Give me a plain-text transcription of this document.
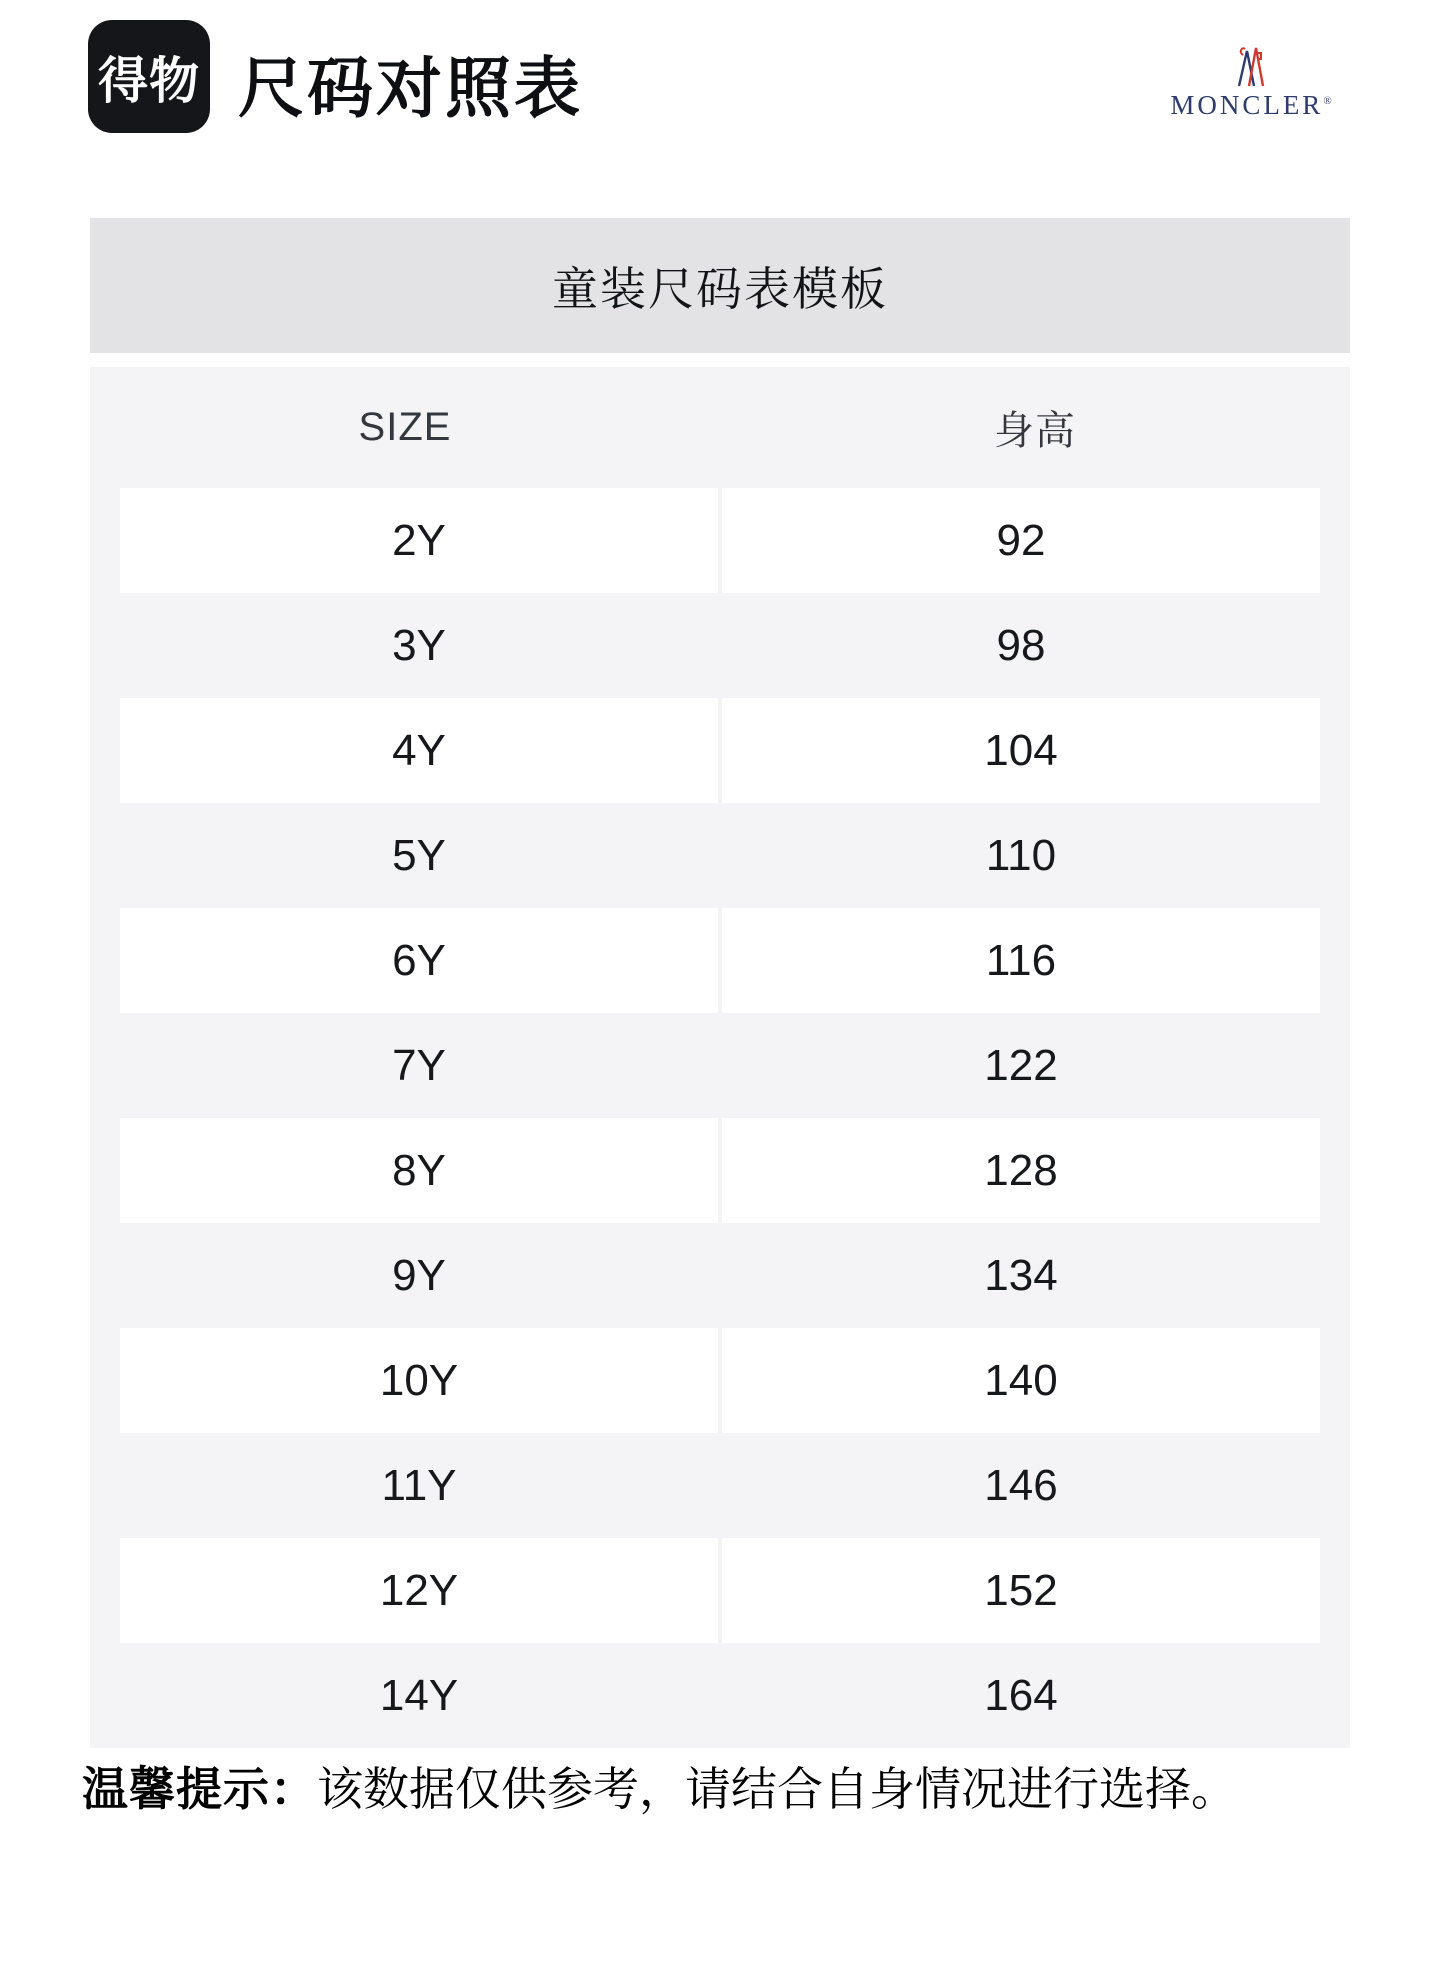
得物 尺码对照表	MONCLER®
童装尺码表模板
SIZE	身高
2Y	92
3Y	98
4Y	104
5Y	110
6Y	116
7Y	122
8Y	128
9Y	134
10Y	140
11Y	146
12Y	152
14Y	164

温馨提示：该数据仅供参考，请结合自身情况进行选择。
